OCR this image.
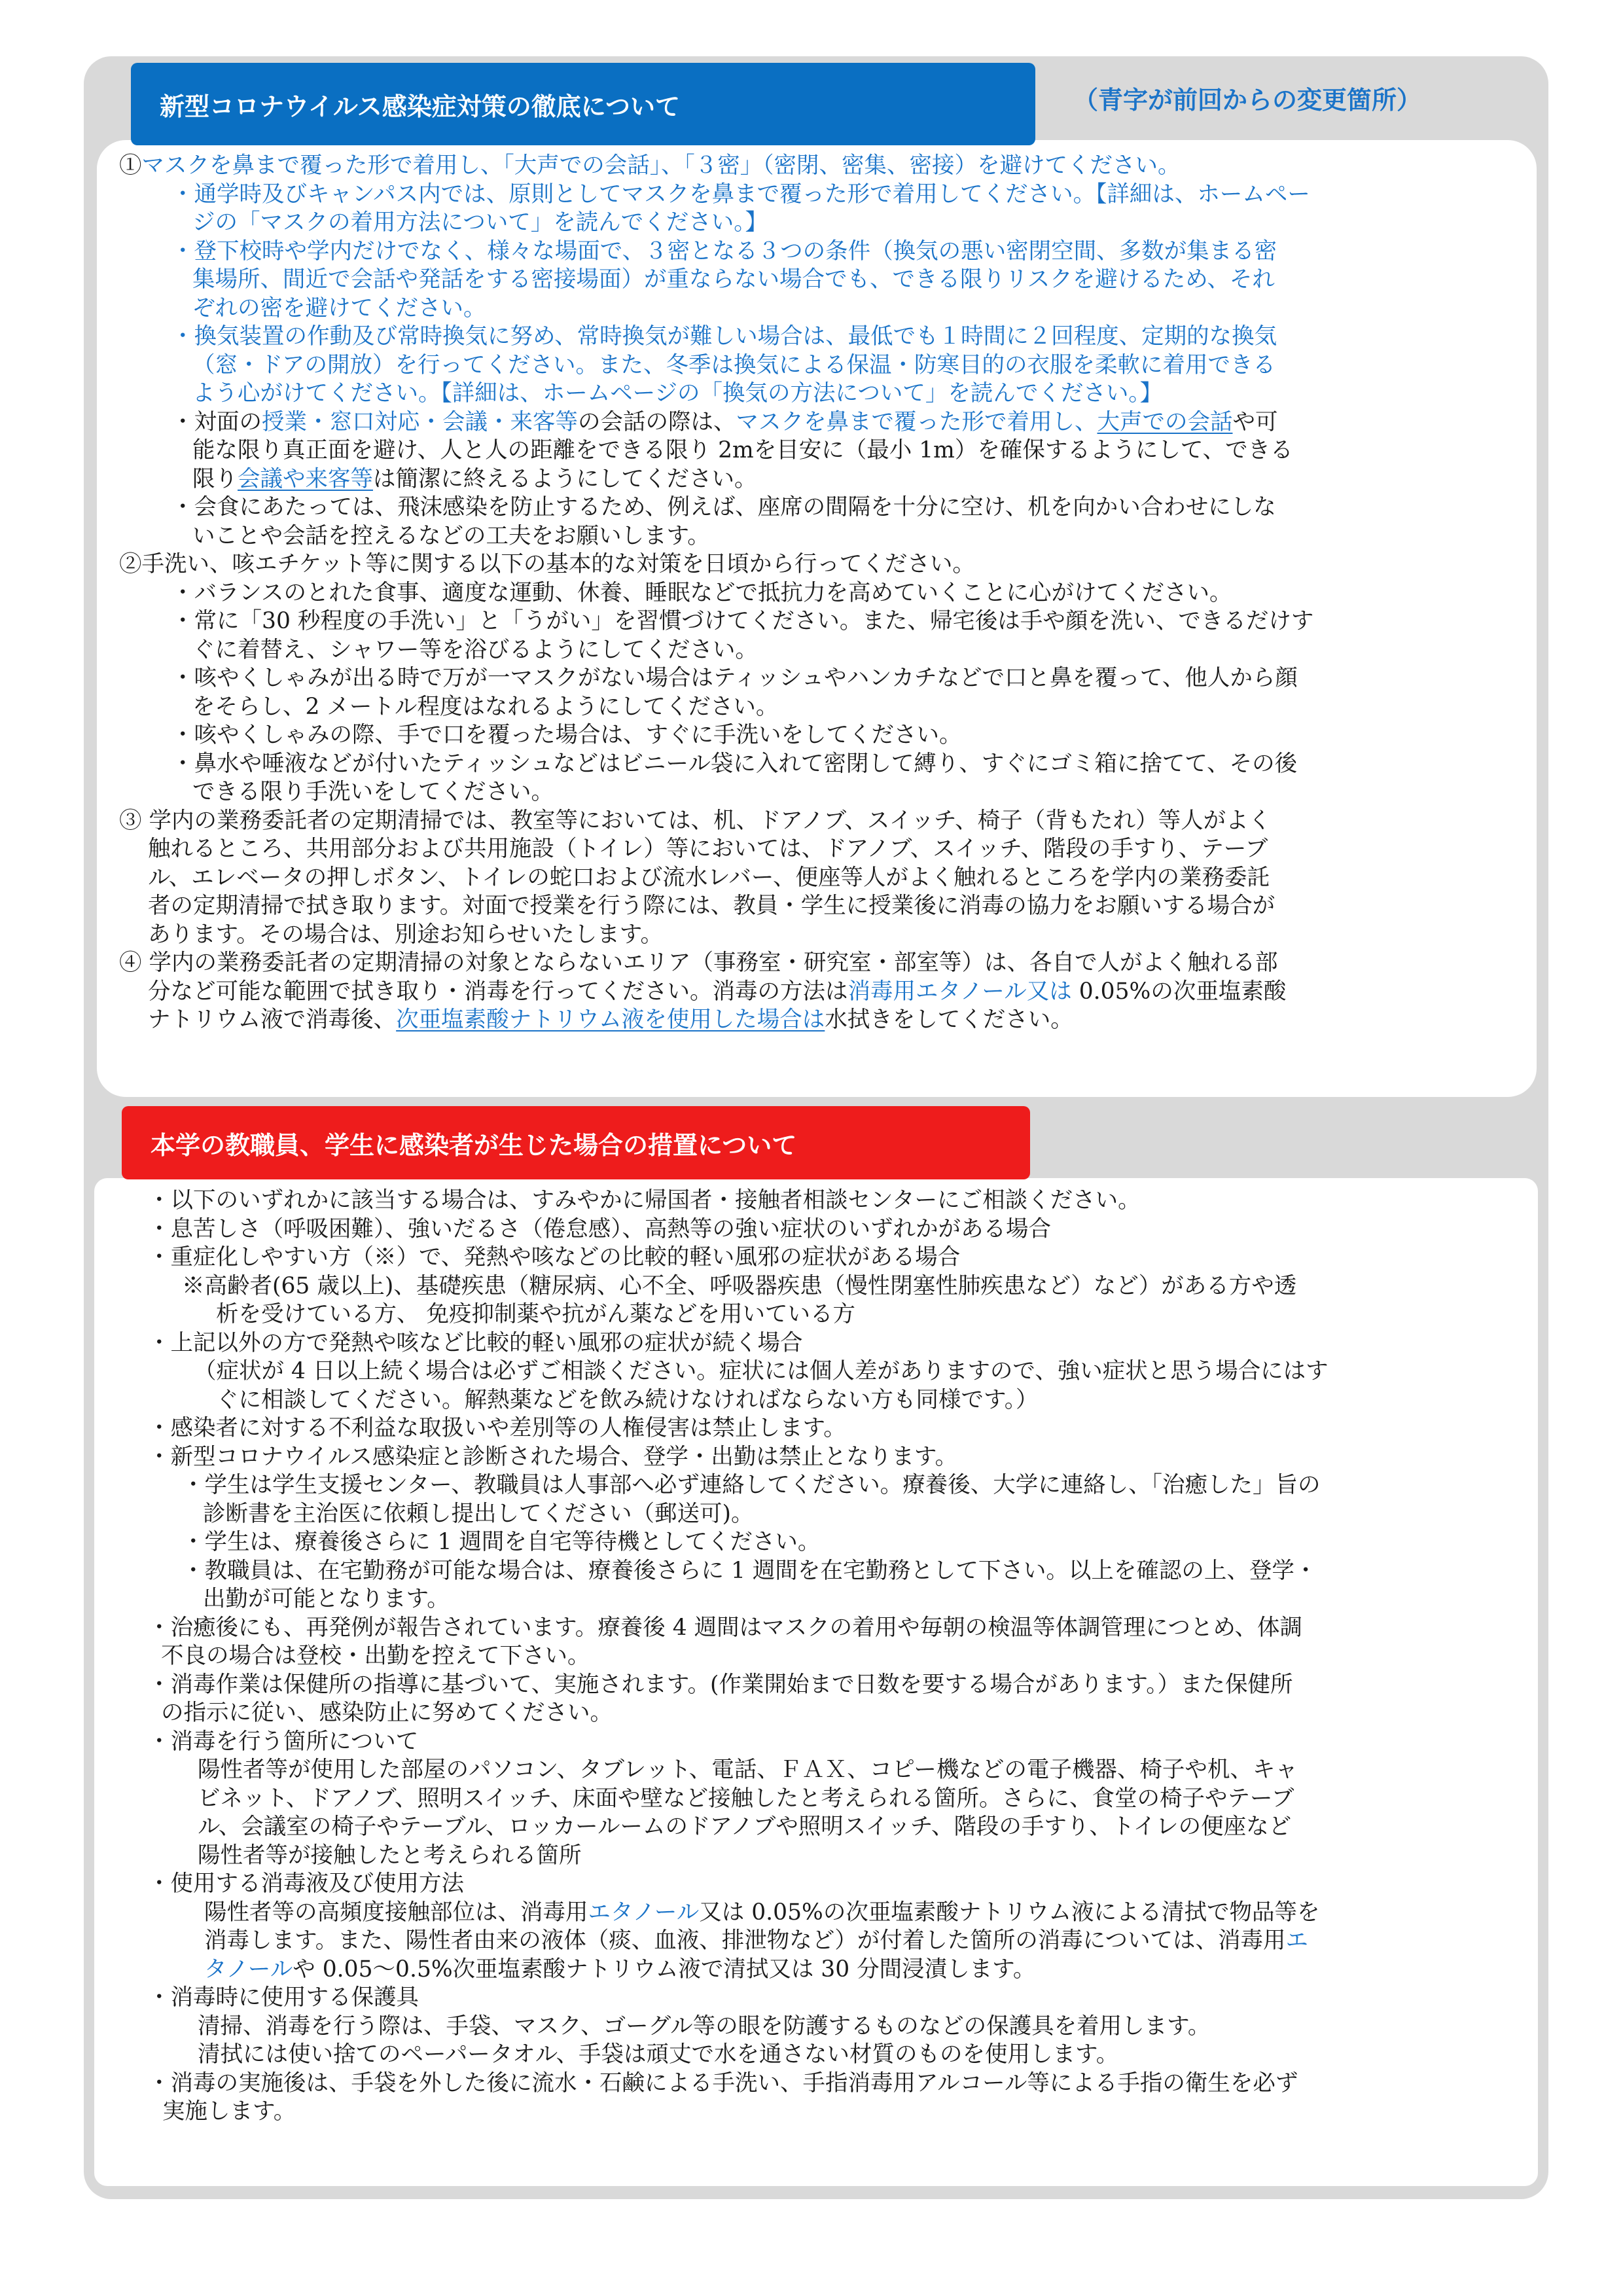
新型コロナウイルス感染症対策の徹底について	（青字が前回からの変更箇所）
本学の教職員、学生に感染者が生じた場合の措置について
①マスクを鼻まで覆った形で着用し、「大声での会話」、「３密」（密閉、密集、密接）を避けてください。
・通学時及びキャンパス内では、原則としてマスクを鼻まで覆った形で着用してください。【詳細は、ホームペー
ジの「マスクの着用方法について」を読んでください。】
・登下校時や学内だけでなく、様々な場面で、３密となる３つの条件（換気の悪い密閉空間、多数が集まる密
集場所、間近で会話や発話をする密接場面）が重ならない場合でも、できる限りリスクを避けるため、それ
ぞれの密を避けてください。
・換気装置の作動及び常時換気に努め、常時換気が難しい場合は、最低でも１時間に２回程度、定期的な換気
（窓・ドアの開放）を行ってください。また、冬季は換気による保温・防寒目的の衣服を柔軟に着用できる
よう心がけてください。【詳細は、ホームページの「換気の方法について」を読んでください。】
・対面の授業・窓口対応・会議・来客等の会話の際は、マスクを鼻まで覆った形で着用し、大声での会話や可
能な限り真正面を避け、人と人の距離をできる限り 2mを目安に（最小 1m）を確保するようにして、できる
限り会議や来客等は簡潔に終えるようにしてください。
・会食にあたっては、飛沫感染を防止するため、例えば、座席の間隔を十分に空け、机を向かい合わせにしな
いことや会話を控えるなどの工夫をお願いします。
②手洗い、咳エチケット等に関する以下の基本的な対策を日頃から行ってください。
・バランスのとれた食事、適度な運動、休養、睡眠などで抵抗力を高めていくことに心がけてください。
・常に「30 秒程度の手洗い」と「うがい」を習慣づけてください。また、帰宅後は手や顔を洗い、できるだけす
ぐに着替え、シャワー等を浴びるようにしてください。
・咳やくしゃみが出る時で万が一マスクがない場合はティッシュやハンカチなどで口と鼻を覆って、他人から顔
をそらし、2 メートル程度はなれるようにしてください。
・咳やくしゃみの際、手で口を覆った場合は、すぐに手洗いをしてください。
・鼻水や唾液などが付いたティッシュなどはビニール袋に入れて密閉して縛り、すぐにゴミ箱に捨てて、その後
できる限り手洗いをしてください。
③ 学内の業務委託者の定期清掃では、教室等においては、机、ドアノブ、スイッチ、椅子（背もたれ）等人がよく
触れるところ、共用部分および共用施設（トイレ）等においては、ドアノブ、スイッチ、階段の手すり、テーブ
ル、エレベータの押しボタン、トイレの蛇口および流水レバー、便座等人がよく触れるところを学内の業務委託
者の定期清掃で拭き取ります。対面で授業を行う際には、教員・学生に授業後に消毒の協力をお願いする場合が
あります。その場合は、別途お知らせいたします。
④ 学内の業務委託者の定期清掃の対象とならないエリア（事務室・研究室・部室等）は、各自で人がよく触れる部
分など可能な範囲で拭き取り・消毒を行ってください。消毒の方法は消毒用エタノール又は 0.05%の次亜塩素酸
ナトリウム液で消毒後、次亜塩素酸ナトリウム液を使用した場合は水拭きをしてください。
・以下のいずれかに該当する場合は、すみやかに帰国者・接触者相談センターにご相談ください。
・息苦しさ（呼吸困難）、強いだるさ（倦怠感）、高熱等の強い症状のいずれかがある場合
・重症化しやすい方（※）で、発熱や咳などの比較的軽い風邪の症状がある場合
※高齢者(65 歳以上)、基礎疾患（糖尿病、心不全、呼吸器疾患（慢性閉塞性肺疾患など）など）がある方や透
析を受けている方、 免疫抑制薬や抗がん薬などを用いている方
・上記以外の方で発熱や咳など比較的軽い風邪の症状が続く場合
（症状が 4 日以上続く場合は必ずご相談ください。症状には個人差がありますので、強い症状と思う場合にはす
ぐに相談してください。解熱薬などを飲み続けなければならない方も同様です。）
・感染者に対する不利益な取扱いや差別等の人権侵害は禁止します。
・新型コロナウイルス感染症と診断された場合、登学・出勤は禁止となります。
・学生は学生支援センター、教職員は人事部へ必ず連絡してください。療養後、大学に連絡し、「治癒した」旨の
診断書を主治医に依頼し提出してください（郵送可)。
・学生は、療養後さらに 1 週間を自宅等待機としてください。
・教職員は、在宅勤務が可能な場合は、療養後さらに 1 週間を在宅勤務として下さい。以上を確認の上、登学・
出勤が可能となります。
・治癒後にも、再発例が報告されています。療養後 4 週間はマスクの着用や毎朝の検温等体調管理につとめ、体調
不良の場合は登校・出勤を控えて下さい。
・消毒作業は保健所の指導に基づいて、実施されます。(作業開始まで日数を要する場合があります。）また保健所
の指示に従い、感染防止に努めてください。
・消毒を行う箇所について
陽性者等が使用した部屋のパソコン、タブレット、電話、ＦＡＸ、コピー機などの電子機器、椅子や机、キャ
ビネット、ドアノブ、照明スイッチ、床面や壁など接触したと考えられる箇所。さらに、食堂の椅子やテーブ
ル、会議室の椅子やテーブル、ロッカールームのドアノブや照明スイッチ、階段の手すり、トイレの便座など
陽性者等が接触したと考えられる箇所
・使用する消毒液及び使用方法
陽性者等の高頻度接触部位は、消毒用エタノール又は 0.05%の次亜塩素酸ナトリウム液による清拭で物品等を
消毒します。また、陽性者由来の液体（痰、血液、排泄物など）が付着した箇所の消毒については、消毒用エ
タノールや 0.05〜0.5%次亜塩素酸ナトリウム液で清拭又は 30 分間浸漬します。
・消毒時に使用する保護具
清掃、消毒を行う際は、手袋、マスク、ゴーグル等の眼を防護するものなどの保護具を着用します。
清拭には使い捨てのペーパータオル、手袋は頑丈で水を通さない材質のものを使用します。
・消毒の実施後は、手袋を外した後に流水・石鹸による手洗い、手指消毒用アルコール等による手指の衛生を必ず
実施します。
